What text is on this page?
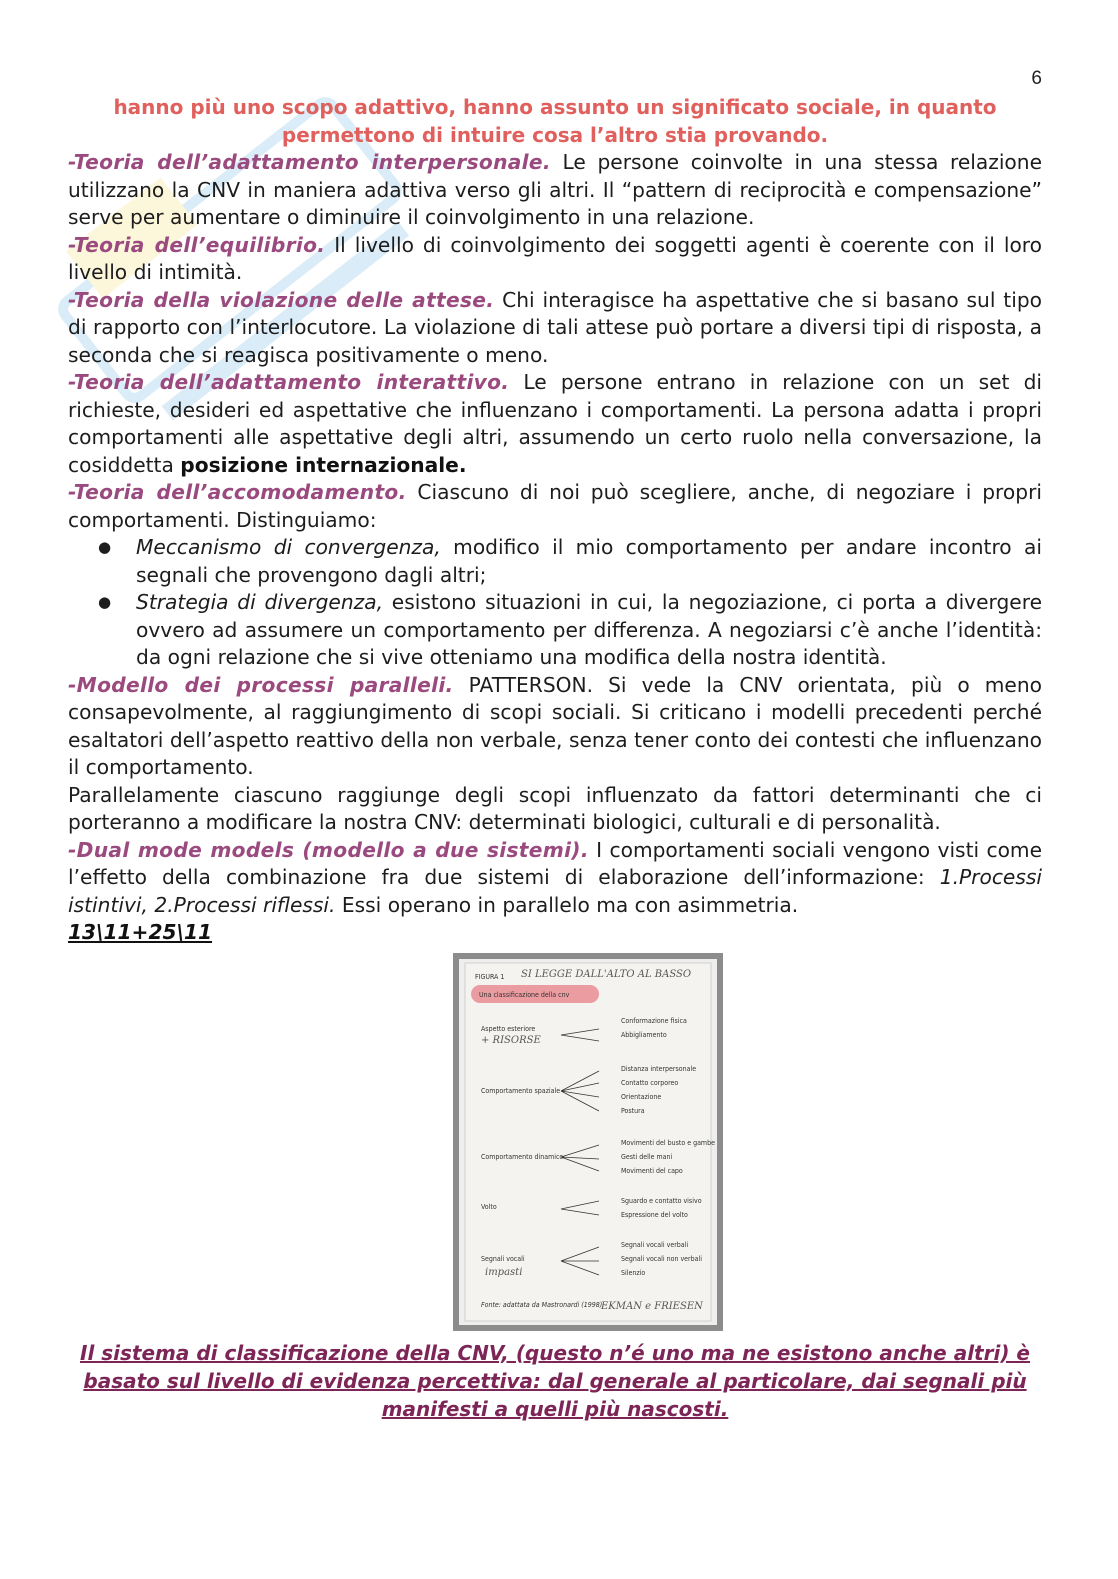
6
hanno più uno scopo adattivo, hanno assunto un significato sociale, in quanto permettono di intuire cosa l’altro stia provando.

-Teoria dell’adattamento interpersonale. Le persone coinvolte in una stessa relazione utilizzano la CNV in maniera adattiva verso gli altri. Il “pattern di reciprocità e compensazione” serve per aumentare o diminuire il coinvolgimento in una relazione.

-Teoria dell’equilibrio. Il livello di coinvolgimento dei soggetti agenti è coerente con il loro livello di intimità.

-Teoria della violazione delle attese. Chi interagisce ha aspettative che si basano sul tipo di rapporto con l’interlocutore. La violazione di tali attese può portare a diversi tipi di risposta, a seconda che si reagisca positivamente o meno.

-Teoria dell’adattamento interattivo. Le persone entrano in relazione con un set di richieste, desideri ed aspettative che influenzano i comportamenti. La persona adatta i propri comportamenti alle aspettative degli altri, assumendo un certo ruolo nella conversazione, la cosiddetta posizione internazionale.

-Teoria dell’accomodamento. Ciascuno di noi può scegliere, anche, di negoziare i propri comportamenti. Distinguiamo:

● Meccanismo di convergenza, modifico il mio comportamento per andare incontro ai segnali che provengono dagli altri;
● Strategia di divergenza, esistono situazioni in cui, la negoziazione, ci porta a divergere ovvero ad assumere un comportamento per differenza. A negoziarsi c’è anche l’identità: da ogni relazione che si vive otteniamo una modifica della nostra identità.

-Modello dei processi paralleli. PATTERSON. Si vede la CNV orientata, più o meno consapevolmente, al raggiungimento di scopi sociali. Si criticano i modelli precedenti perché esaltatori dell’aspetto reattivo della non verbale, senza tener conto dei contesti che influenzano il comportamento.

Parallelamente ciascuno raggiunge degli scopi influenzato da fattori determinanti che ci porteranno a modificare la nostra CNV: determinati biologici, culturali e di personalità.

-Dual mode models (modello a due sistemi). I comportamenti sociali vengono visti come l’effetto della combinazione fra due sistemi di elaborazione dell’informazione: 1.Processi istintivi, 2.Processi riflessi. Essi operano in parallelo ma con asimmetria.

13\11+25\11
FIGURA 1 SI LEGGE DALL'ALTO AL BASSO
Una classificazione della cnv
Aspetto esteriore
+ RISORSE
Conformazione fisica
Abbigliamento
Comportamento spaziale
Distanza interpersonale
Contatto corporeo
Orientazione
Postura
Comportamento dinamico
Movimenti del busto e gambe
Gesti delle mani
Movimenti del capo
Volto
Sguardo e contatto visivo
Espressione del volto
Segnali vocali
impasti
Segnali vocali verbali
Segnali vocali non verbali
Silenzio
Fonte: adattata da Mastronardi (1998).
EKMAN e FRIESEN
Il sistema di classificazione della CNV, (questo n’é uno ma ne esistono anche altri) è basato sul livello di evidenza percettiva: dal generale al particolare, dai segnali più manifesti a quelli più nascosti.
